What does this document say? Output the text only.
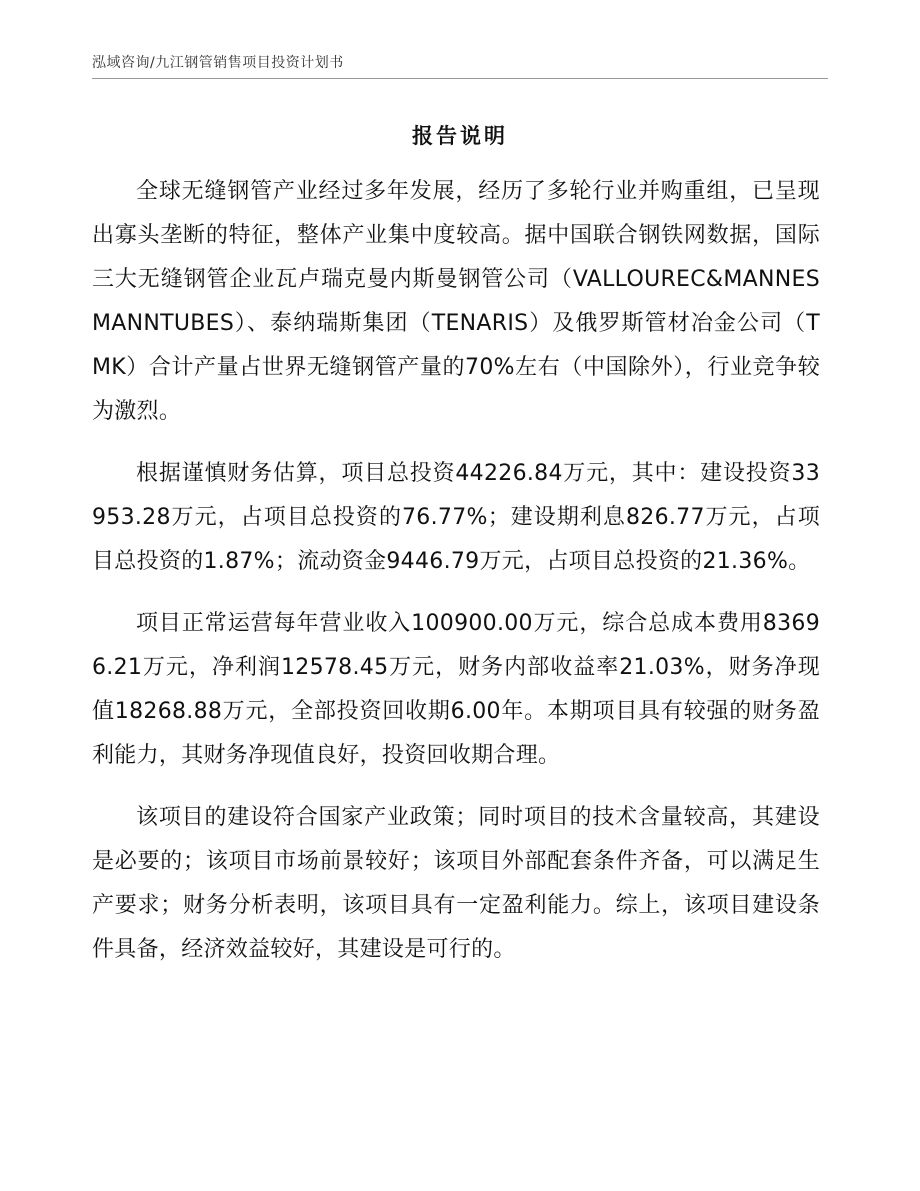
泓域咨询/九江钢管销售项目投资计划书
报告说明

全球无缝钢管产业经过多年发展，经历了多轮行业并购重组，已呈现出寡头垄断的特征，整体产业集中度较高。据中国联合钢铁网数据，国际三大无缝钢管企业瓦卢瑞克曼内斯曼钢管公司（VALLOUREC&MANNESMANNTUBES）、泰纳瑞斯集团（TENARIS）及俄罗斯管材冶金公司（TMK）合计产量占世界无缝钢管产量的70%左右（中国除外），行业竞争较为激烈。

根据谨慎财务估算，项目总投资44226.84万元，其中：建设投资33953.28万元，占项目总投资的76.77%；建设期利息826.77万元，占项目总投资的1.87%；流动资金9446.79万元，占项目总投资的21.36%。

项目正常运营每年营业收入100900.00万元，综合总成本费用83696.21万元，净利润12578.45万元，财务内部收益率21.03%，财务净现值18268.88万元，全部投资回收期6.00年。本期项目具有较强的财务盈利能力，其财务净现值良好，投资回收期合理。

该项目的建设符合国家产业政策；同时项目的技术含量较高，其建设是必要的；该项目市场前景较好；该项目外部配套条件齐备，可以满足生产要求；财务分析表明，该项目具有一定盈利能力。综上，该项目建设条件具备，经济效益较好，其建设是可行的。
